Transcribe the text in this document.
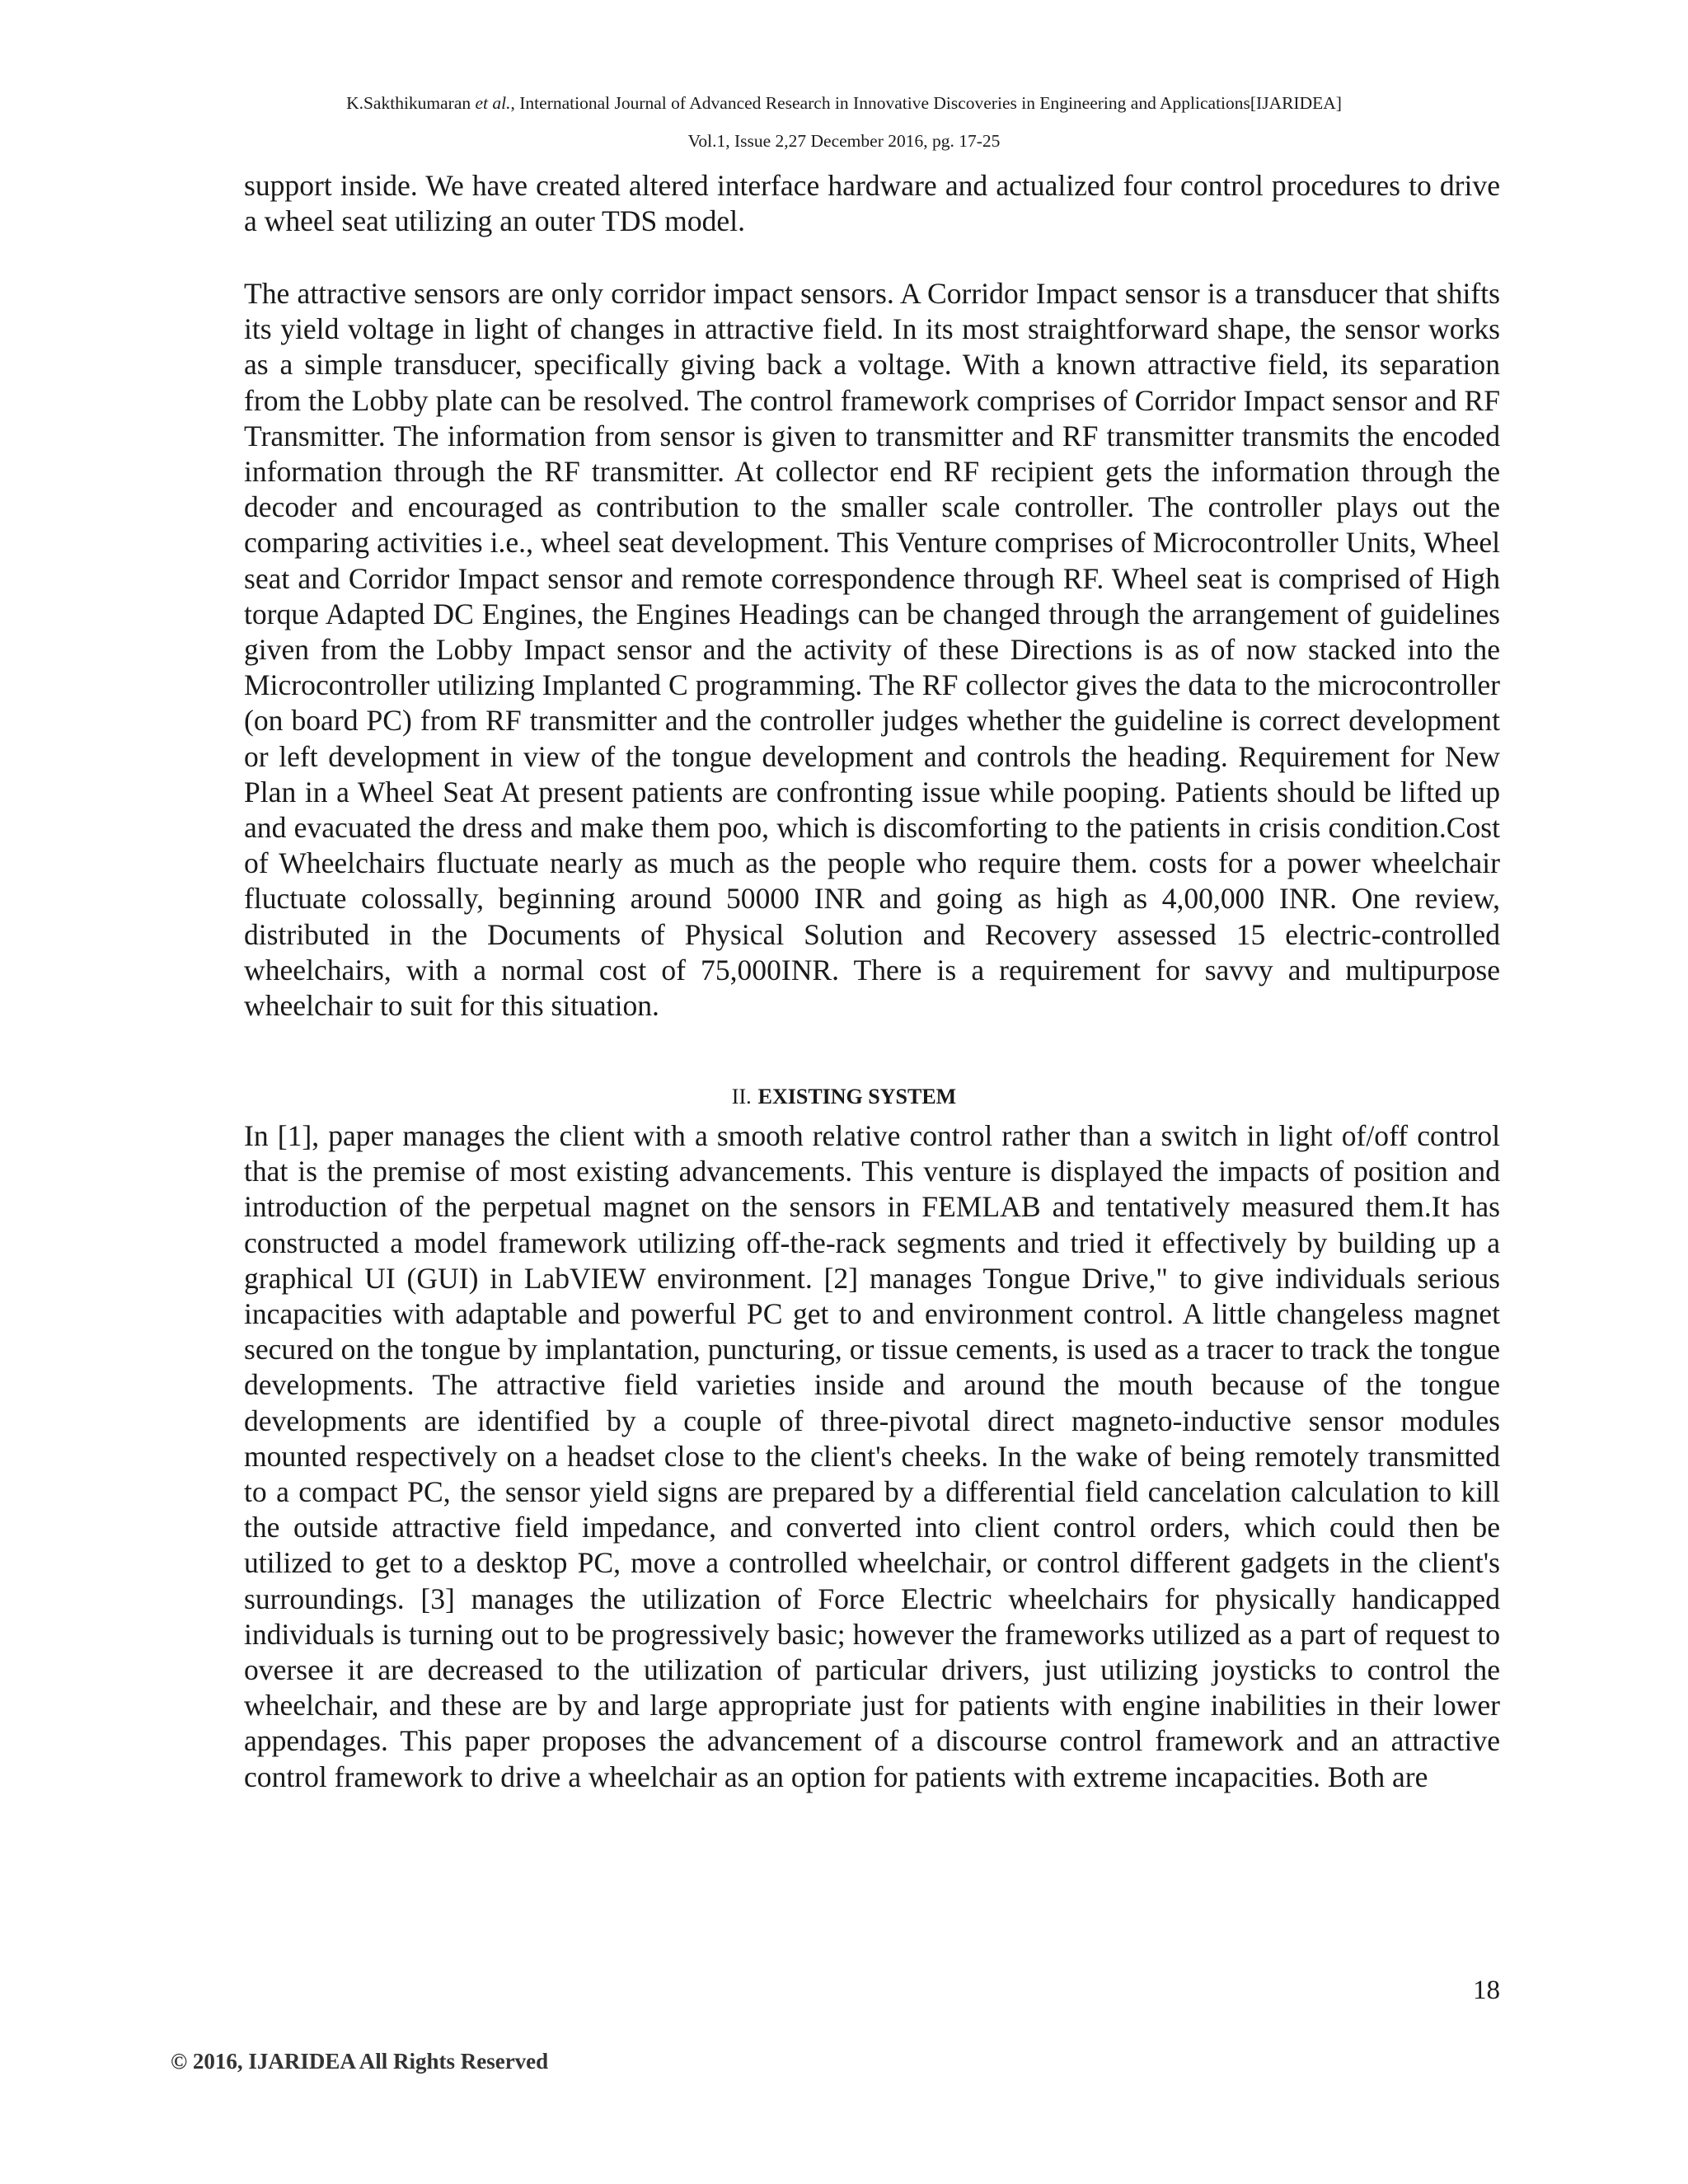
K.Sakthikumaran et al., International Journal of Advanced Research in Innovative Discoveries in Engineering and Applications[IJARIDEA]
Vol.1, Issue 2,27 December 2016, pg. 17-25

support inside. We have created altered interface hardware and actualized four control procedures to drive a wheel seat utilizing an outer TDS model.

The attractive sensors are only corridor impact sensors. A Corridor Impact sensor is a transducer that shifts its yield voltage in light of changes in attractive field. In its most straightforward shape, the sensor works as a simple transducer, specifically giving back a voltage. With a known attractive field, its separation from the Lobby plate can be resolved. The control framework comprises of Corridor Impact sensor and RF Transmitter. The information from sensor is given to transmitter and RF transmitter transmits the encoded information through the RF transmitter. At collector end RF recipient gets the information through the decoder and encouraged as contribution to the smaller scale controller. The controller plays out the comparing activities i.e., wheel seat development. This Venture comprises of Microcontroller Units, Wheel seat and Corridor Impact sensor and remote correspondence through RF. Wheel seat is comprised of High torque Adapted DC Engines, the Engines Headings can be changed through the arrangement of guidelines given from the Lobby Impact sensor and the activity of these Directions is as of now stacked into the Microcontroller utilizing Implanted C programming. The RF collector gives the data to the microcontroller (on board PC) from RF transmitter and the controller judges whether the guideline is correct development or left development in view of the tongue development and controls the heading. Requirement for New Plan in a Wheel Seat At present patients are confronting issue while pooping. Patients should be lifted up and evacuated the dress and make them poo, which is discomforting to the patients in crisis condition.Cost of Wheelchairs fluctuate nearly as much as the people who require them. costs for a power wheelchair fluctuate colossally, beginning around 50000 INR and going as high as 4,00,000 INR. One review, distributed in the Documents of Physical Solution and Recovery assessed 15 electric-controlled wheelchairs, with a normal cost of 75,000INR. There is a requirement for savvy and multipurpose wheelchair to suit for this situation.

II. EXISTING SYSTEM

In [1], paper manages the client with a smooth relative control rather than a switch in light of/off control that is the premise of most existing advancements. This venture is displayed the impacts of position and introduction of the perpetual magnet on the sensors in FEMLAB and tentatively measured them.It has constructed a model framework utilizing off-the-rack segments and tried it effectively by building up a graphical UI (GUI) in LabVIEW environment. [2] manages Tongue Drive," to give individuals serious incapacities with adaptable and powerful PC get to and environment control. A little changeless magnet secured on the tongue by implantation, puncturing, or tissue cements, is used as a tracer to track the tongue developments. The attractive field varieties inside and around the mouth because of the tongue developments are identified by a couple of three-pivotal direct magneto-inductive sensor modules mounted respectively on a headset close to the client's cheeks. In the wake of being remotely transmitted to a compact PC, the sensor yield signs are prepared by a differential field cancelation calculation to kill the outside attractive field impedance, and converted into client control orders, which could then be utilized to get to a desktop PC, move a controlled wheelchair, or control different gadgets in the client's surroundings. [3] manages the utilization of Force Electric wheelchairs for physically handicapped individuals is turning out to be progressively basic; however the frameworks utilized as a part of request to oversee it are decreased to the utilization of particular drivers, just utilizing joysticks to control the wheelchair, and these are by and large appropriate just for patients with engine inabilities in their lower appendages. This paper proposes the advancement of a discourse control framework and an attractive control framework to drive a wheelchair as an option for patients with extreme incapacities. Both are

18
© 2016, IJARIDEA All Rights Reserved
